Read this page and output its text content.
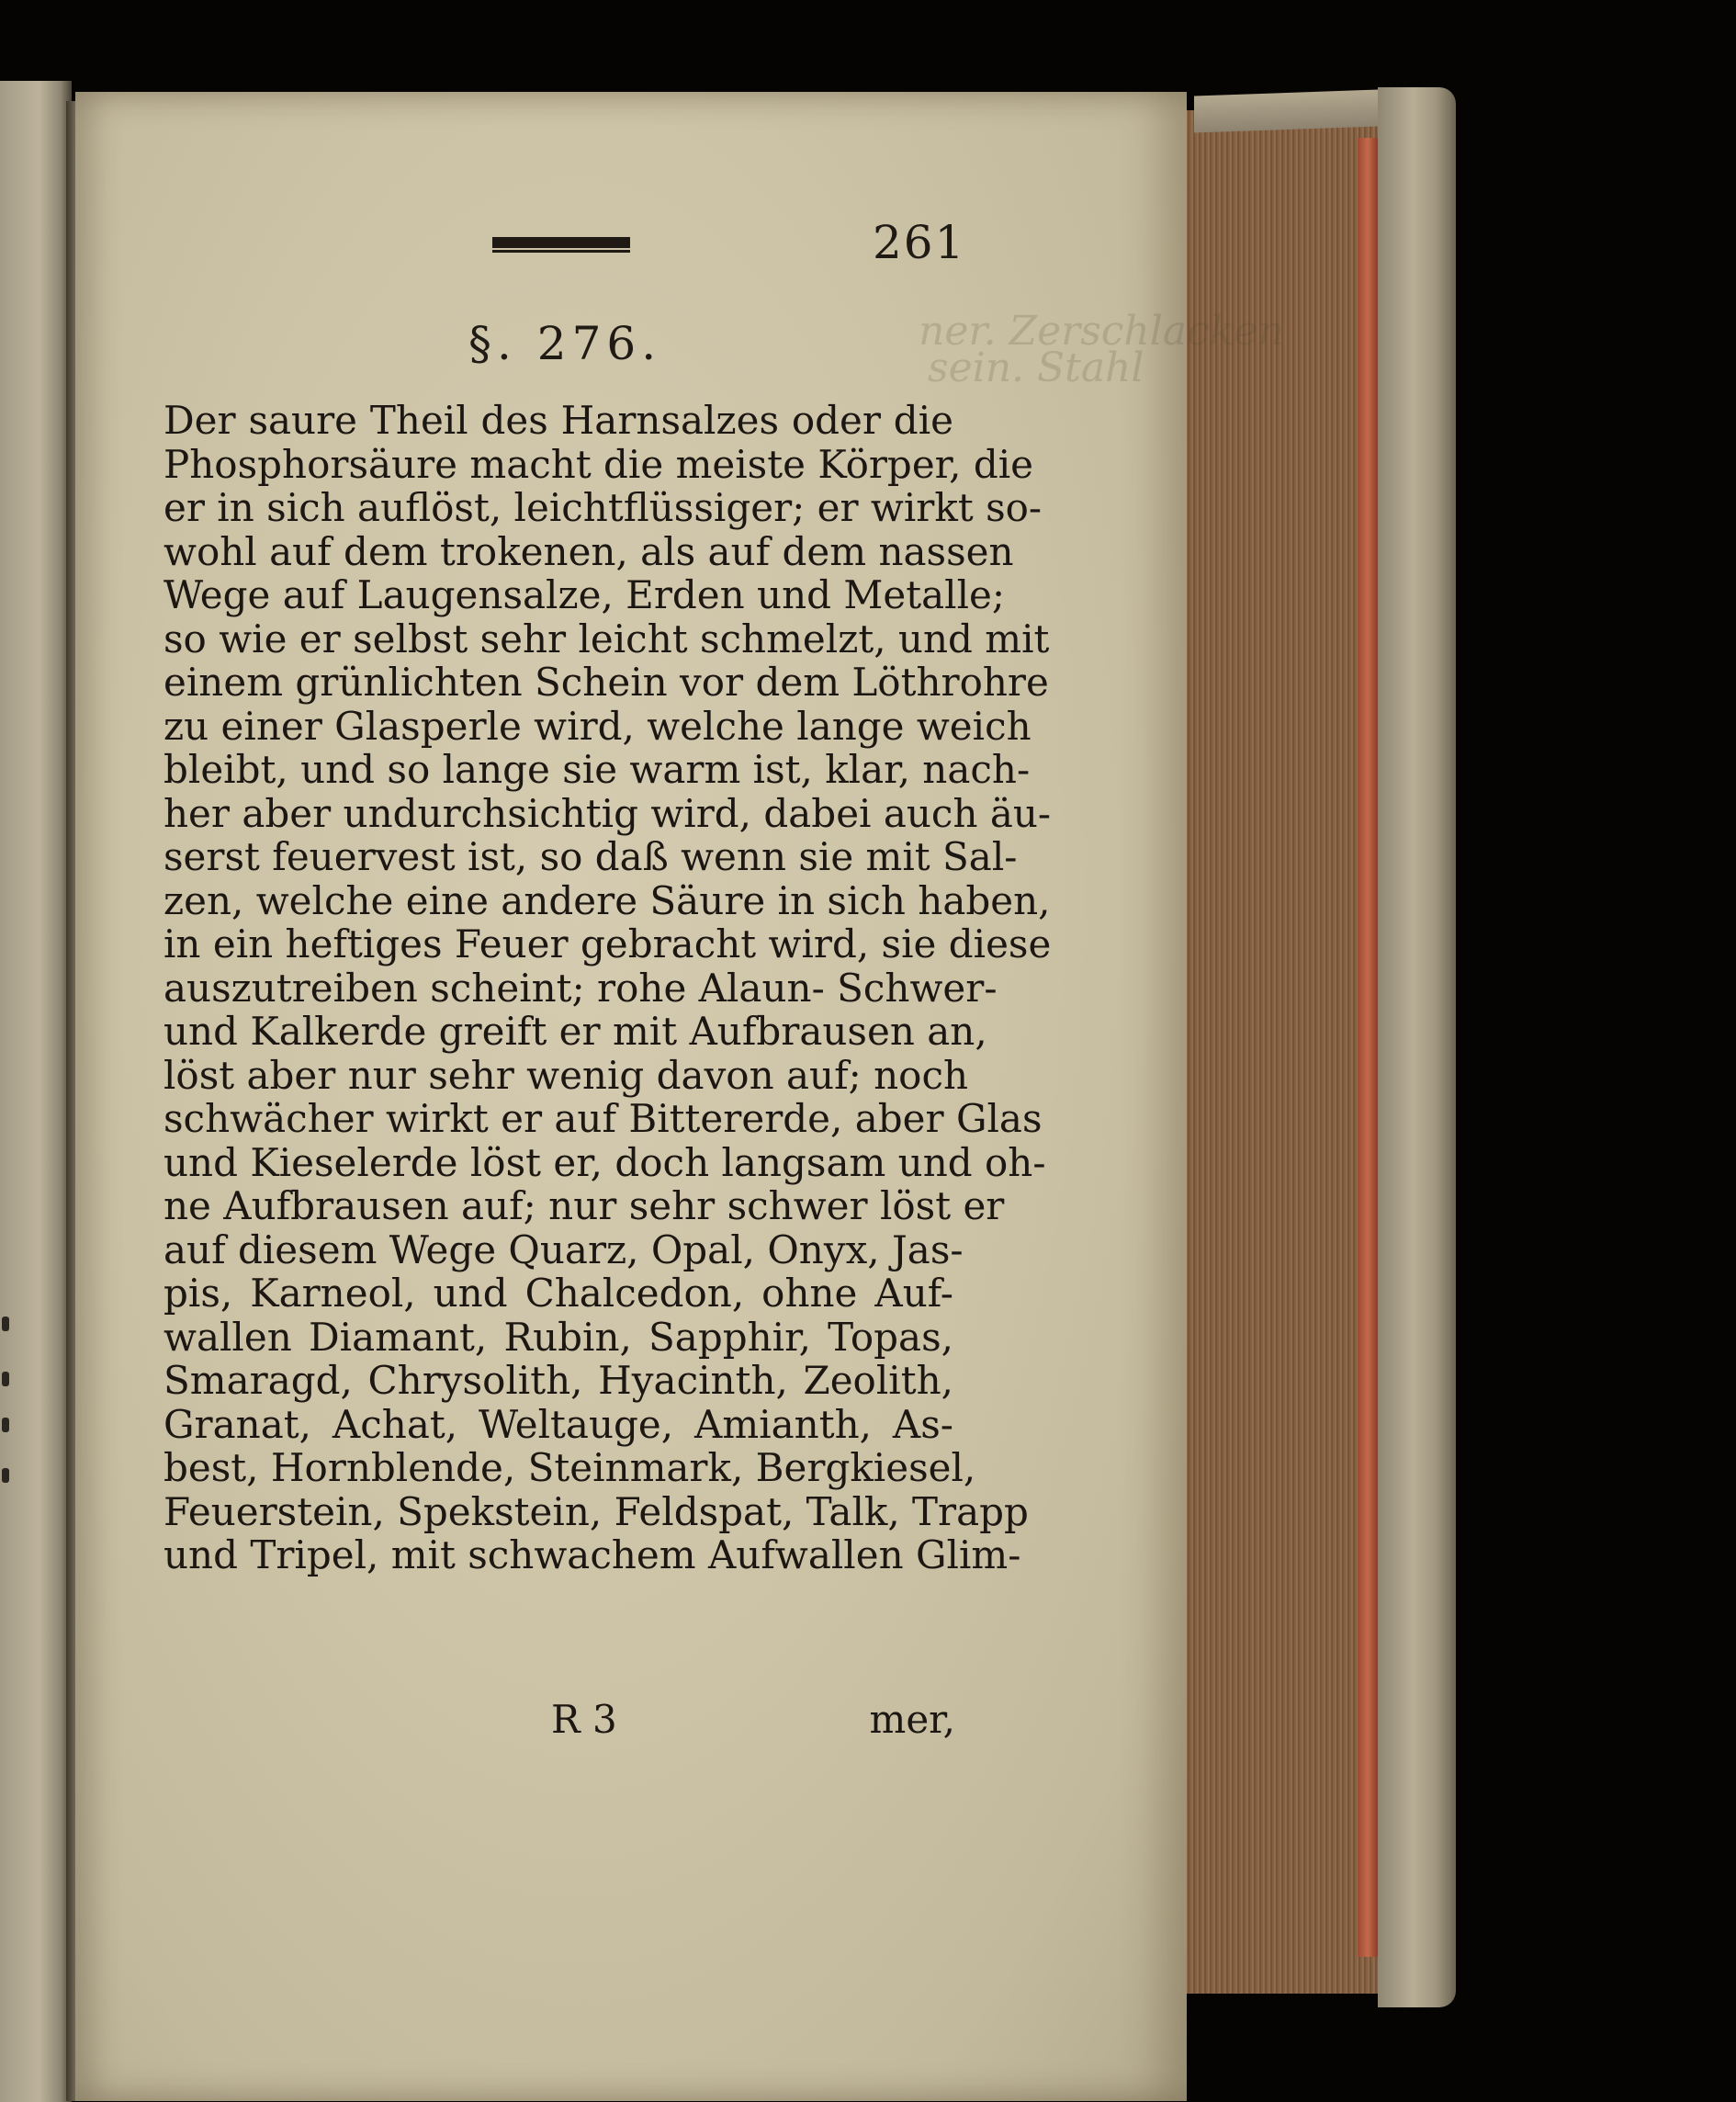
ner. Zerschlacken
sein. Stahl
261
§. 276.
Der saure Theil des Harnsalzes oder die
Phosphorsäure macht die meiste Körper, die
er in sich auflöst, leichtflüssiger; er wirkt so-
wohl auf dem trokenen, als auf dem nassen
Wege auf Laugensalze, Erden und Metalle;
so wie er selbst sehr leicht schmelzt, und mit
einem grünlichten Schein vor dem Löthrohre
zu einer Glasperle wird, welche lange weich
bleibt, und so lange sie warm ist, klar, nach-
her aber undurchsichtig wird, dabei auch äu-
serst feuervest ist, so daß wenn sie mit Sal-
zen, welche eine andere Säure in sich haben,
in ein heftiges Feuer gebracht wird, sie diese
auszutreiben scheint; rohe Alaun- Schwer-
und Kalkerde greift er mit Aufbrausen an,
löst aber nur sehr wenig davon auf; noch
schwächer wirkt er auf Bittererde, aber Glas
und Kieselerde löst er, doch langsam und oh-
ne Aufbrausen auf; nur sehr schwer löst er
auf diesem Wege Quarz, Opal, Onyx, Jas-
pis, Karneol, und Chalcedon, ohne Auf-
wallen Diamant, Rubin, Sapphir, Topas,
Smaragd, Chrysolith, Hyacinth, Zeolith,
Granat, Achat, Weltauge, Amianth, As-
best, Hornblende, Steinmark, Bergkiesel,
Feuerstein, Spekstein, Feldspat, Talk, Trapp
und Tripel, mit schwachem Aufwallen Glim-
R 3	mer,
